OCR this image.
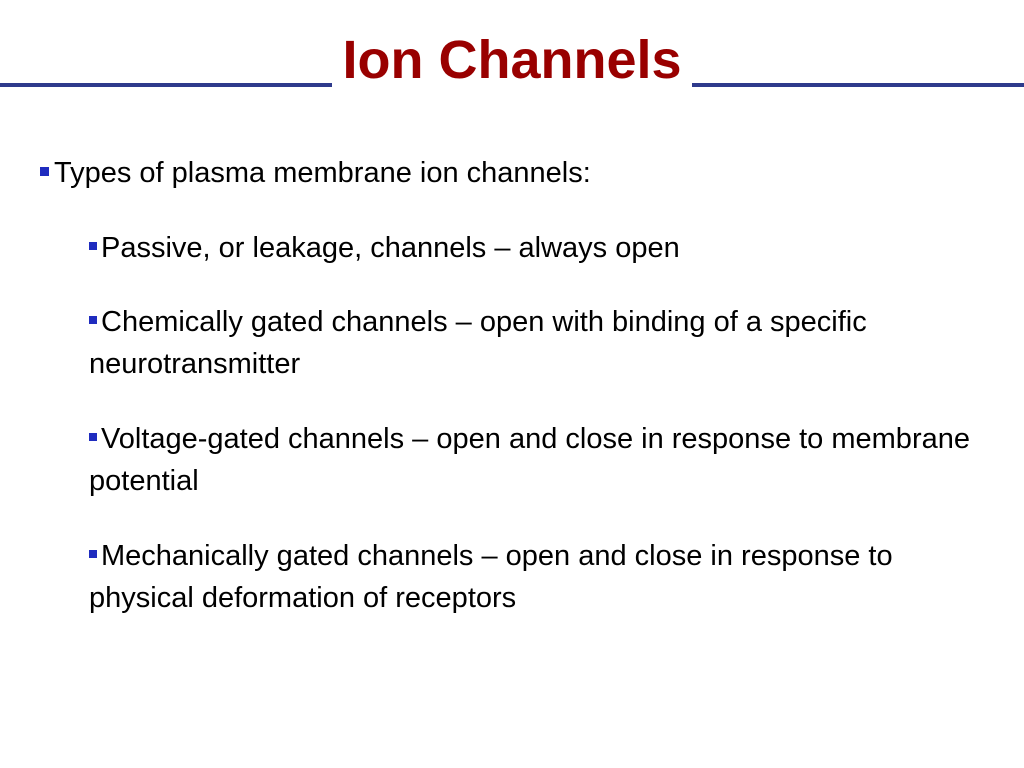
Ion Channels
Types of plasma membrane ion channels:
Passive, or leakage, channels – always open
Chemically gated channels – open with binding of a specific neurotransmitter
Voltage-gated channels – open and close in response to membrane potential
Mechanically gated channels – open and close in response to physical deformation of receptors
